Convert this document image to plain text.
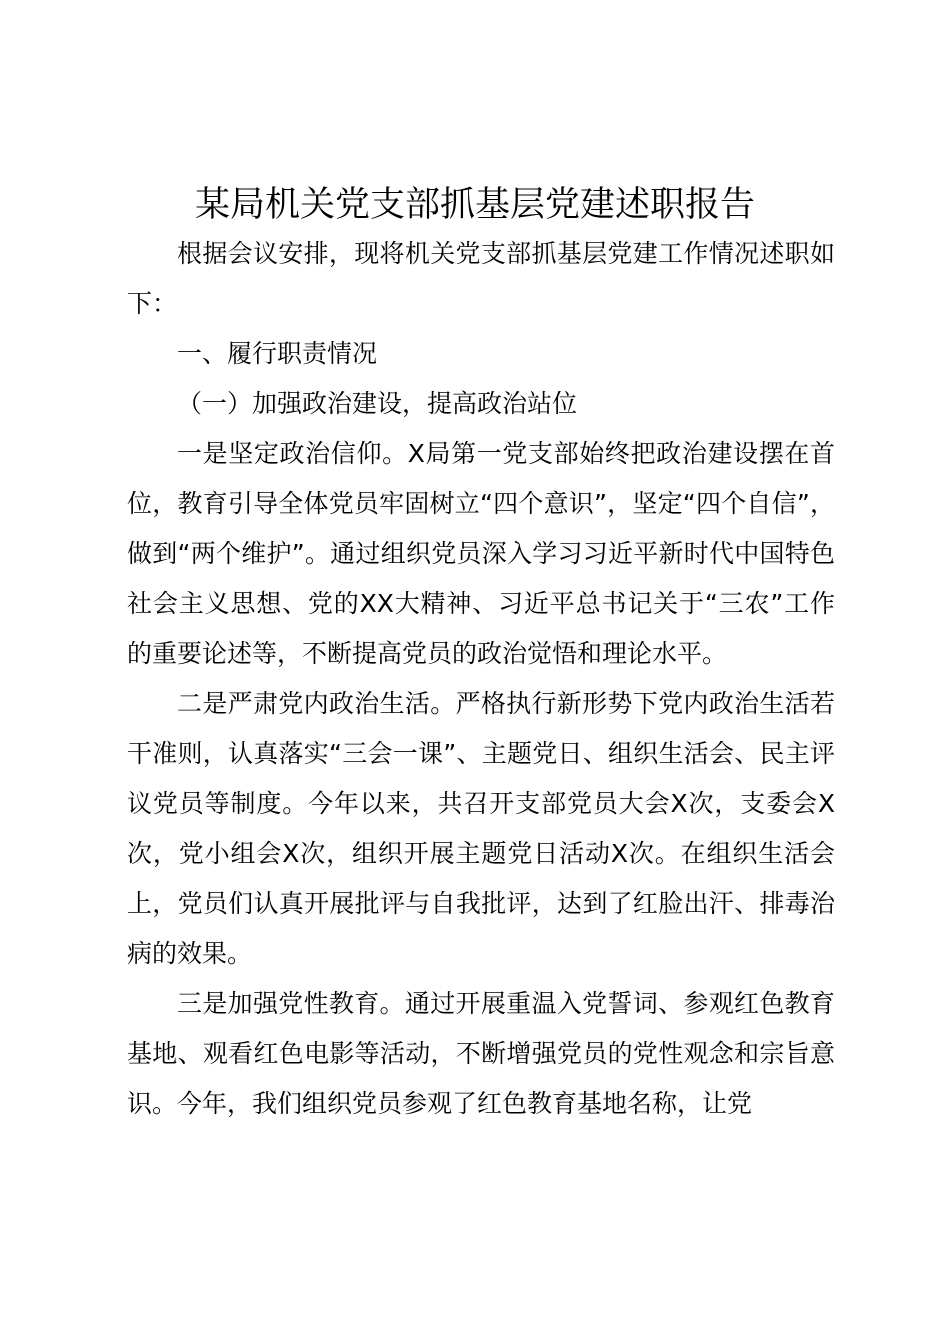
某局机关党支部抓基层党建述职报告

根据会议安排，现将机关党支部抓基层党建工作情况述职如下：

一、履行职责情况

（一）加强政治建设，提高政治站位

一是坚定政治信仰。X局第一党支部始终把政治建设摆在首位，教育引导全体党员牢固树立“四个意识”，坚定“四个自信”，做到“两个维护”。通过组织党员深入学习习近平新时代中国特色社会主义思想、党的XX大精神、习近平总书记关于“三农”工作的重要论述等，不断提高党员的政治觉悟和理论水平。

二是严肃党内政治生活。严格执行新形势下党内政治生活若干准则，认真落实“三会一课”、主题党日、组织生活会、民主评议党员等制度。今年以来，共召开支部党员大会X次，支委会X次，党小组会X次，组织开展主题党日活动X次。在组织生活会上，党员们认真开展批评与自我批评，达到了红脸出汗、排毒治病的效果。

三是加强党性教育。通过开展重温入党誓词、参观红色教育基地、观看红色电影等活动，不断增强党员的党性观念和宗旨意识。今年，我们组织党员参观了红色教育基地名称，让党
